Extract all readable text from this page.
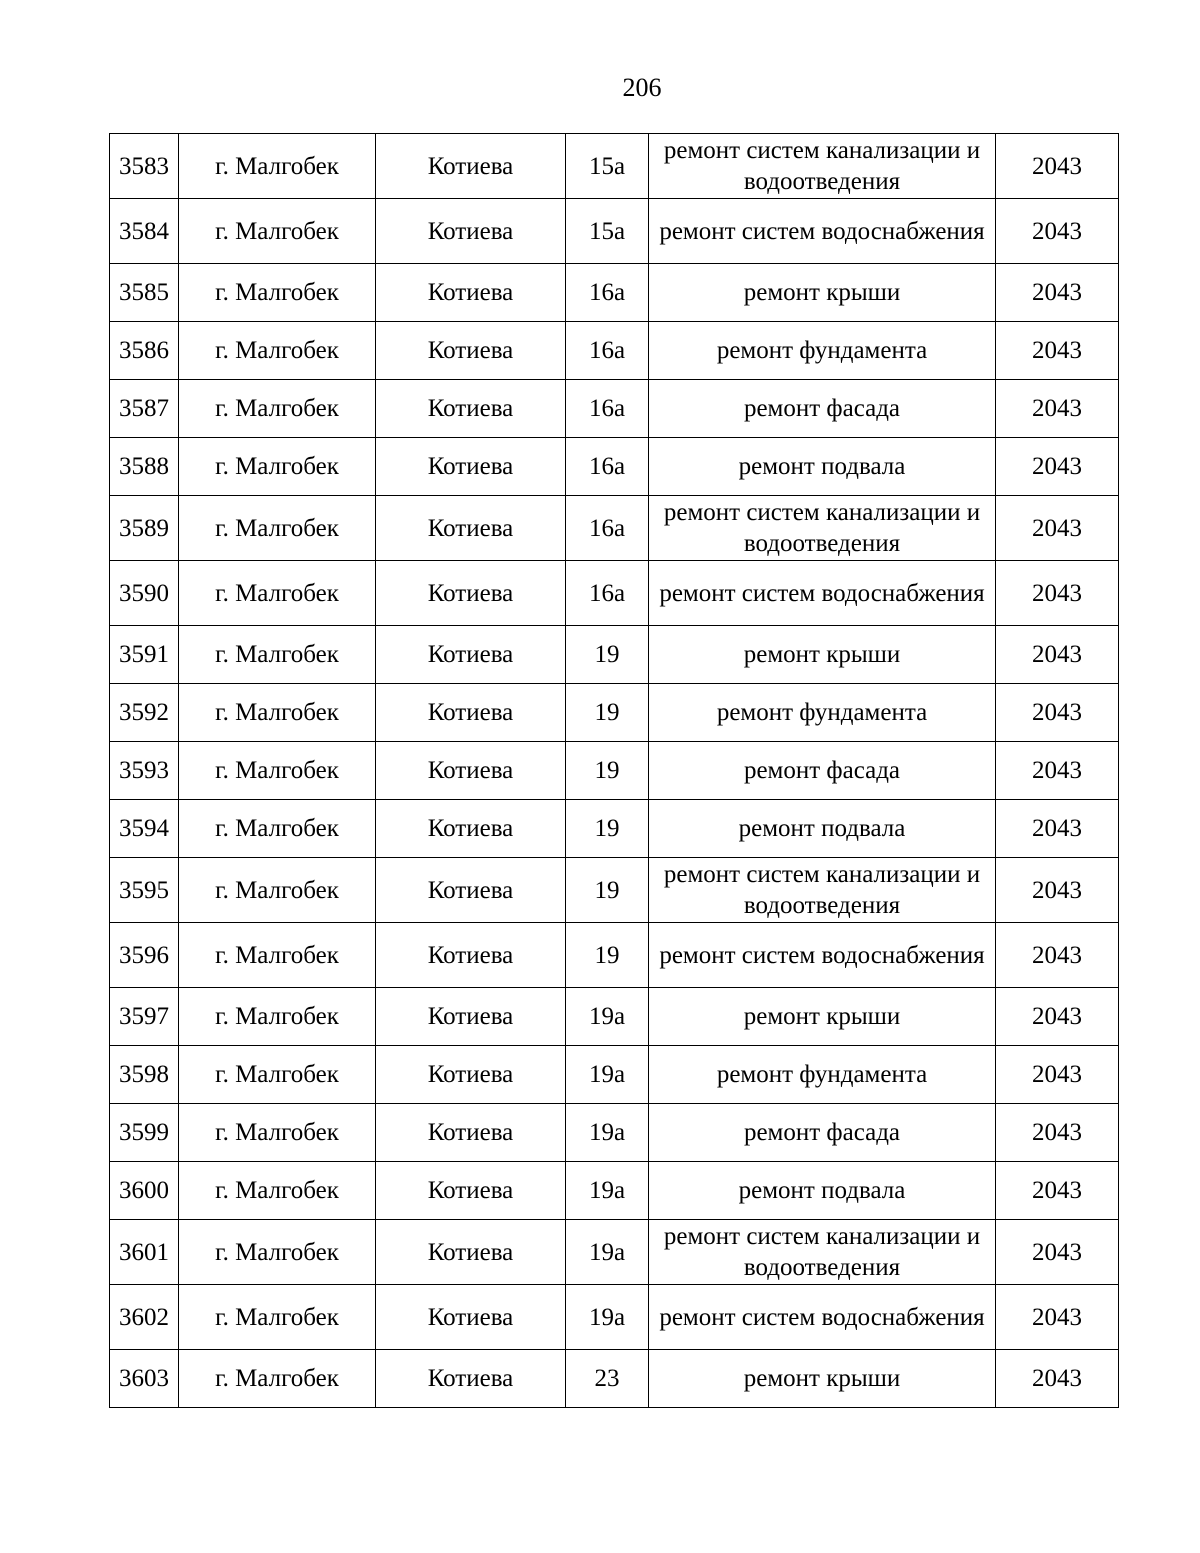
206
3583	г. Малгобек	Котиева	15а	ремонт систем канализации и водоотведения	2043
3584	г. Малгобек	Котиева	15а	ремонт систем водоснабжения	2043
3585	г. Малгобек	Котиева	16а	ремонт крыши	2043
3586	г. Малгобек	Котиева	16а	ремонт фундамента	2043
3587	г. Малгобек	Котиева	16а	ремонт фасада	2043
3588	г. Малгобек	Котиева	16а	ремонт подвала	2043
3589	г. Малгобек	Котиева	16а	ремонт систем канализации и водоотведения	2043
3590	г. Малгобек	Котиева	16а	ремонт систем водоснабжения	2043
3591	г. Малгобек	Котиева	19	ремонт крыши	2043
3592	г. Малгобек	Котиева	19	ремонт фундамента	2043
3593	г. Малгобек	Котиева	19	ремонт фасада	2043
3594	г. Малгобек	Котиева	19	ремонт подвала	2043
3595	г. Малгобек	Котиева	19	ремонт систем канализации и водоотведения	2043
3596	г. Малгобек	Котиева	19	ремонт систем водоснабжения	2043
3597	г. Малгобек	Котиева	19а	ремонт крыши	2043
3598	г. Малгобек	Котиева	19а	ремонт фундамента	2043
3599	г. Малгобек	Котиева	19а	ремонт фасада	2043
3600	г. Малгобек	Котиева	19а	ремонт подвала	2043
3601	г. Малгобек	Котиева	19а	ремонт систем канализации и водоотведения	2043
3602	г. Малгобек	Котиева	19а	ремонт систем водоснабжения	2043
3603	г. Малгобек	Котиева	23	ремонт крыши	2043
